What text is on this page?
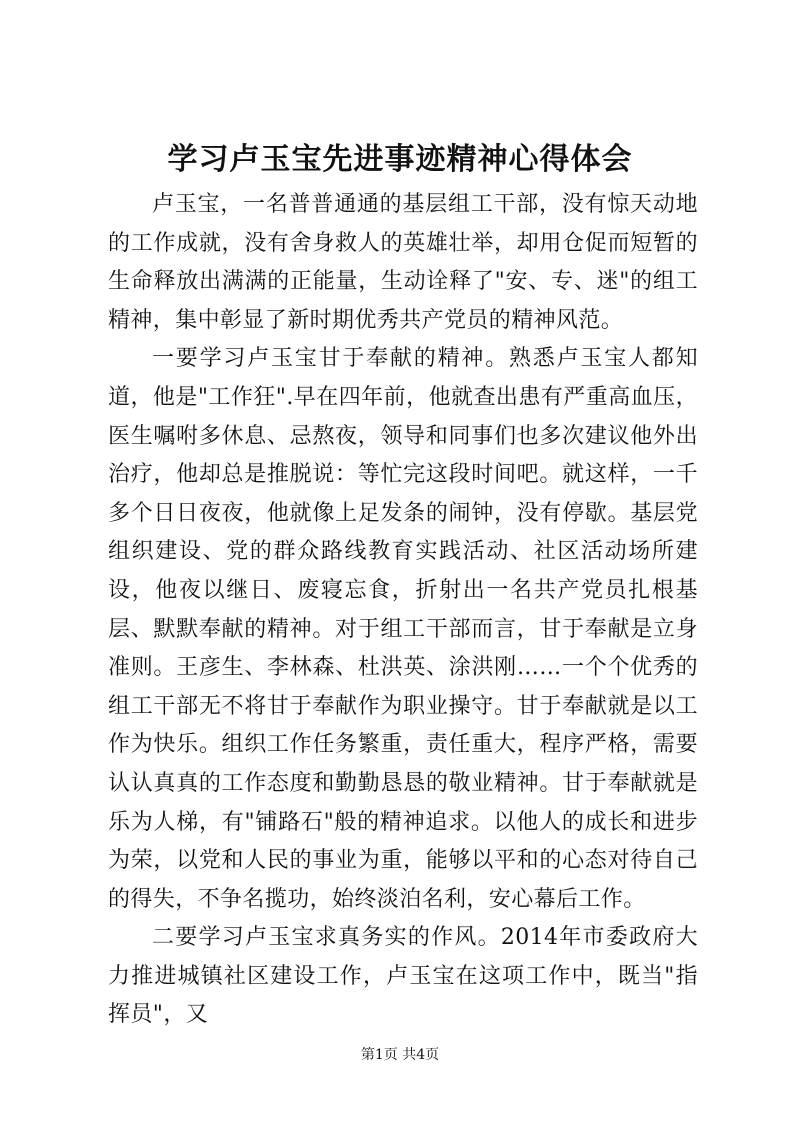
学习卢玉宝先进事迹精神心得体会

卢玉宝，一名普普通通的基层组工干部，没有惊天动地的工作成就，没有舍身救人的英雄壮举，却用仓促而短暂的生命释放出满满的正能量，生动诠释了"安、专、迷"的组工精神，集中彰显了新时期优秀共产党员的精神风范。

一要学习卢玉宝甘于奉献的精神。熟悉卢玉宝人都知道，他是"工作狂".早在四年前，他就查出患有严重高血压，医生嘱咐多休息、忌熬夜，领导和同事们也多次建议他外出治疗，他却总是推脱说：等忙完这段时间吧。就这样，一千多个日日夜夜，他就像上足发条的闹钟，没有停歇。基层党组织建设、党的群众路线教育实践活动、社区活动场所建设，他夜以继日、废寝忘食，折射出一名共产党员扎根基层、默默奉献的精神。对于组工干部而言，甘于奉献是立身准则。王彦生、李林森、杜洪英、涂洪刚……一个个优秀的组工干部无不将甘于奉献作为职业操守。甘于奉献就是以工作为快乐。组织工作任务繁重，责任重大，程序严格，需要认认真真的工作态度和勤勤恳恳的敬业精神。甘于奉献就是乐为人梯，有"铺路石"般的精神追求。以他人的成长和进步为荣，以党和人民的事业为重，能够以平和的心态对待自己的得失，不争名揽功，始终淡泊名利，安心幕后工作。

二要学习卢玉宝求真务实的作风。2014年市委政府大力推进城镇社区建设工作，卢玉宝在这项工作中，既当"指挥员"，又

第1页 共4页
